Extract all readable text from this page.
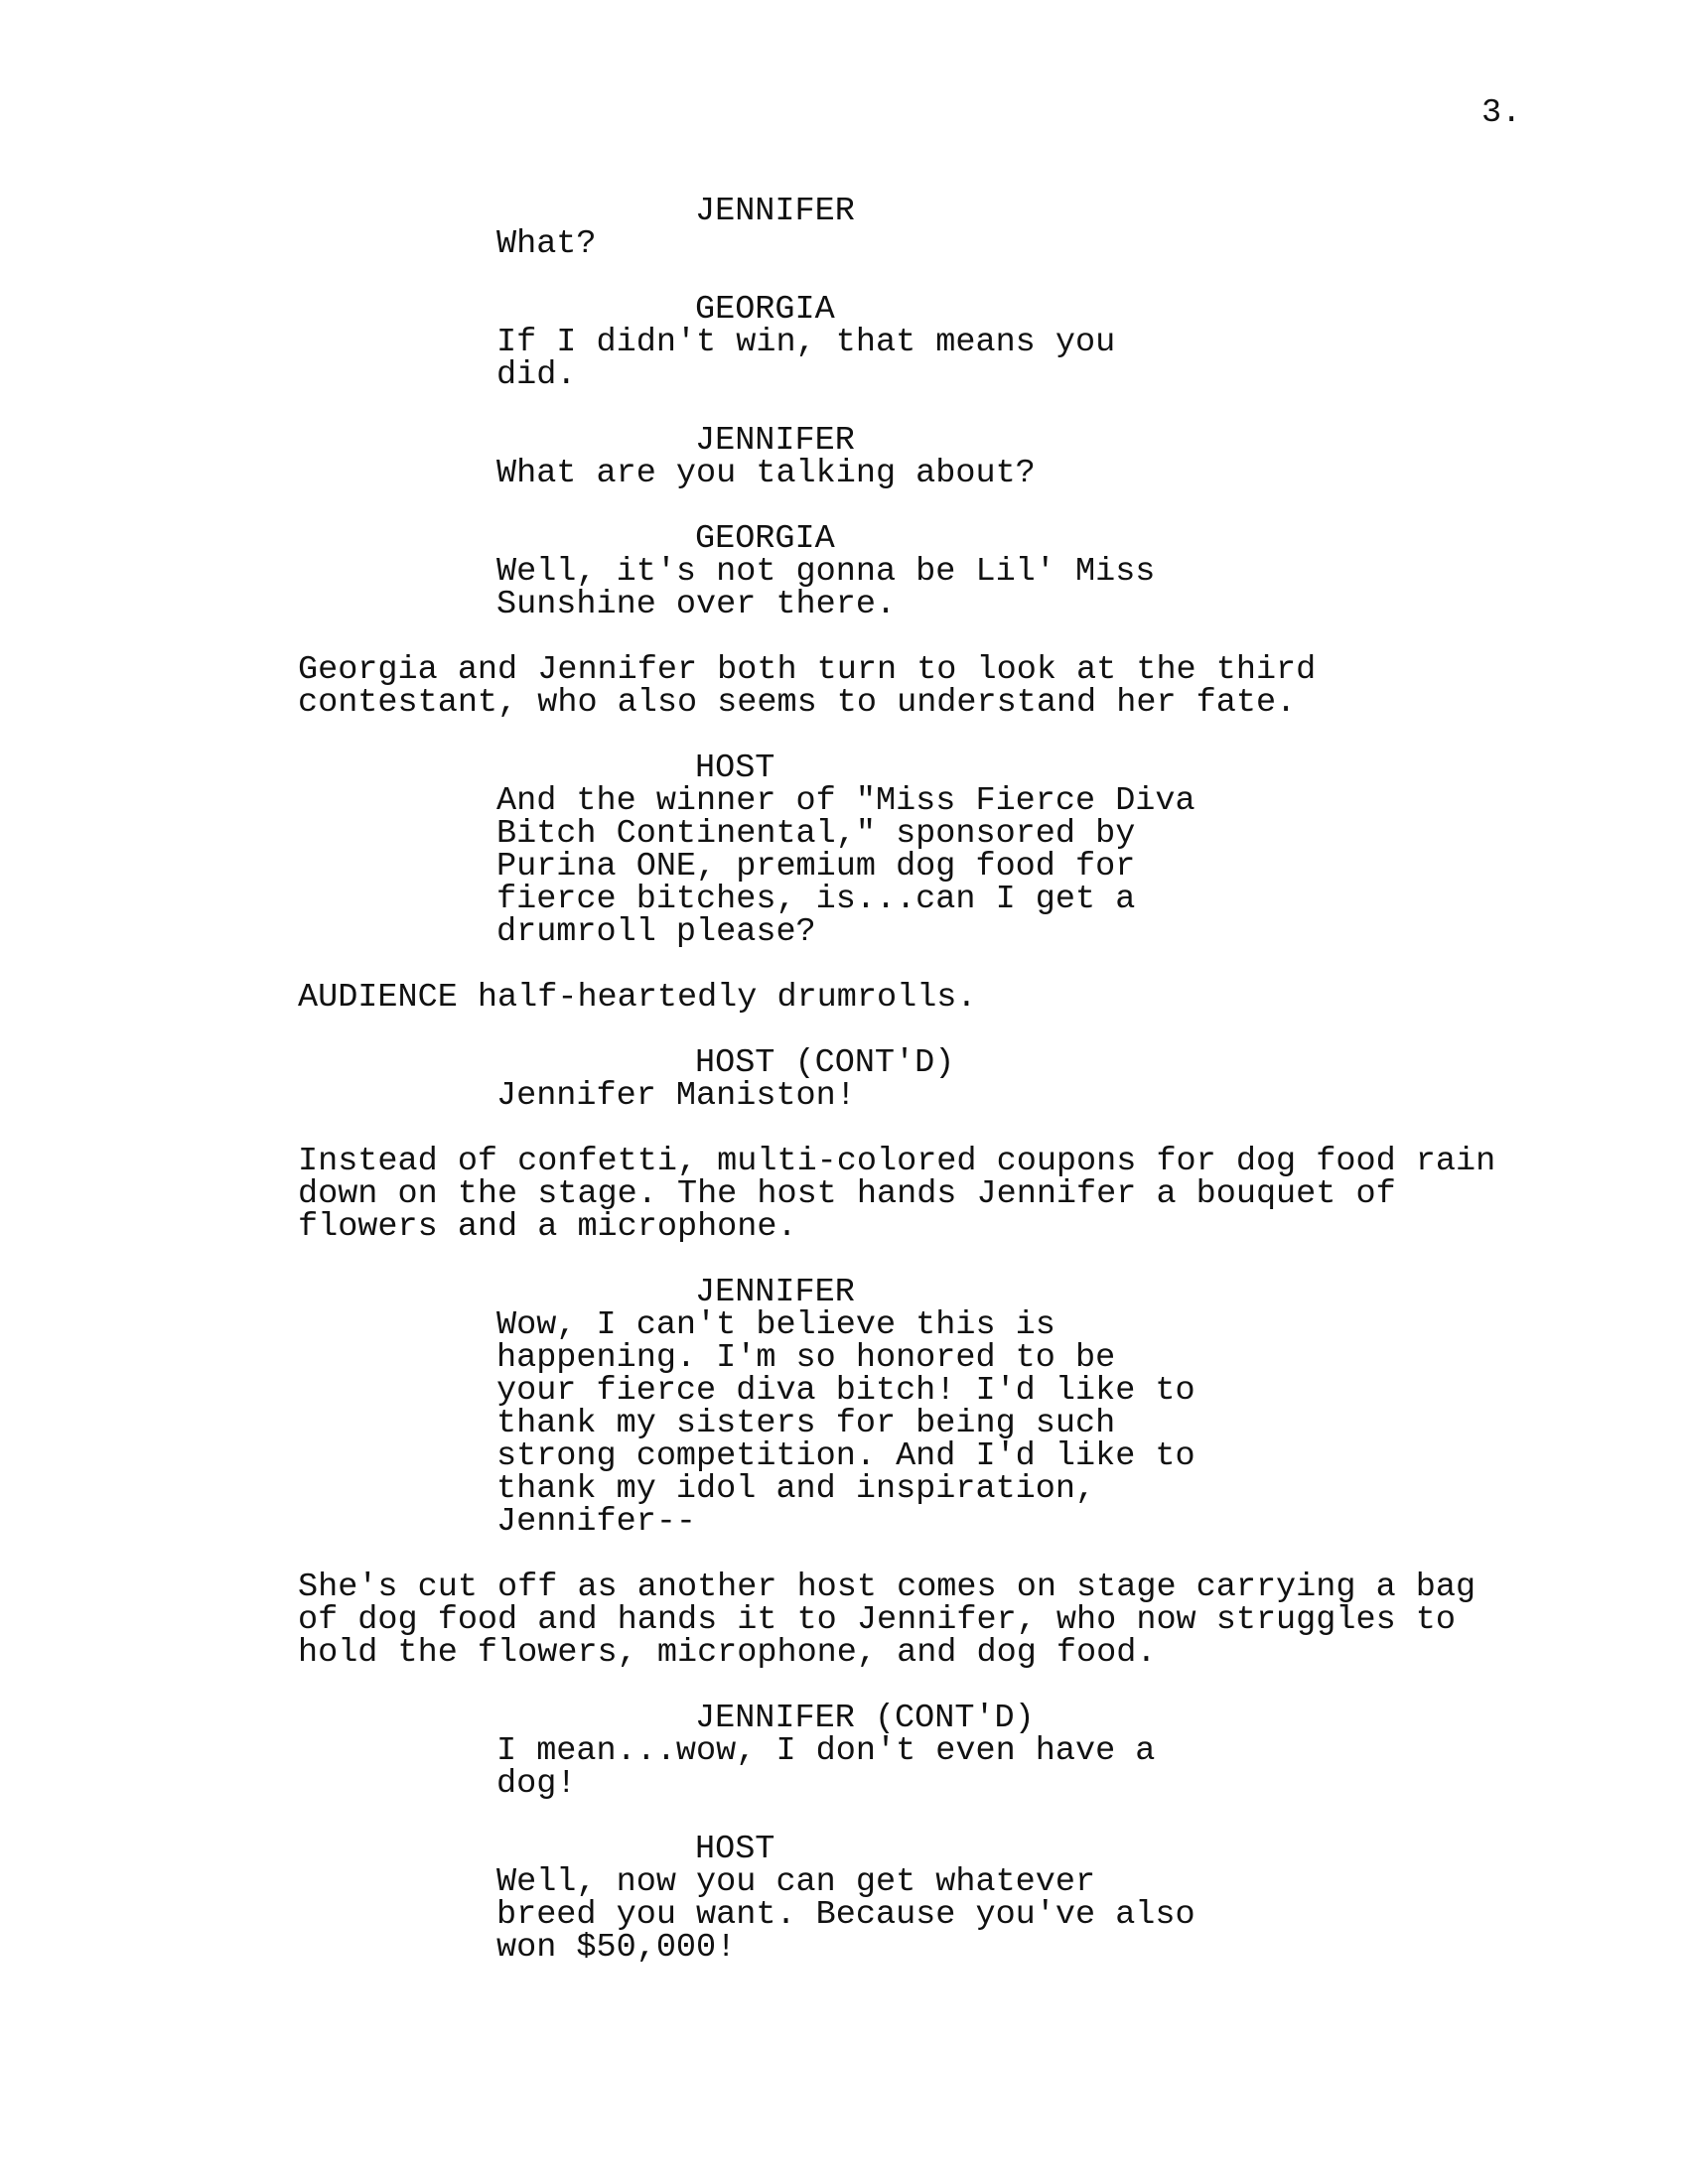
3.
JENNIFER
What?
GEORGIA
If I didn't win, that means you
did.
JENNIFER
What are you talking about?
GEORGIA
Well, it's not gonna be Lil' Miss
Sunshine over there.
Georgia and Jennifer both turn to look at the third
contestant, who also seems to understand her fate.
HOST
And the winner of "Miss Fierce Diva
Bitch Continental," sponsored by
Purina ONE, premium dog food for
fierce bitches, is...can I get a
drumroll please?
AUDIENCE half-heartedly drumrolls.
HOST (CONT'D)
Jennifer Maniston!
Instead of confetti, multi-colored coupons for dog food rain
down on the stage. The host hands Jennifer a bouquet of
flowers and a microphone.
JENNIFER
Wow, I can't believe this is
happening. I'm so honored to be
your fierce diva bitch! I'd like to
thank my sisters for being such
strong competition. And I'd like to
thank my idol and inspiration,
Jennifer--
She's cut off as another host comes on stage carrying a bag
of dog food and hands it to Jennifer, who now struggles to
hold the flowers, microphone, and dog food.
JENNIFER (CONT'D)
I mean...wow, I don't even have a
dog!
HOST
Well, now you can get whatever
breed you want. Because you've also
won $50,000!
